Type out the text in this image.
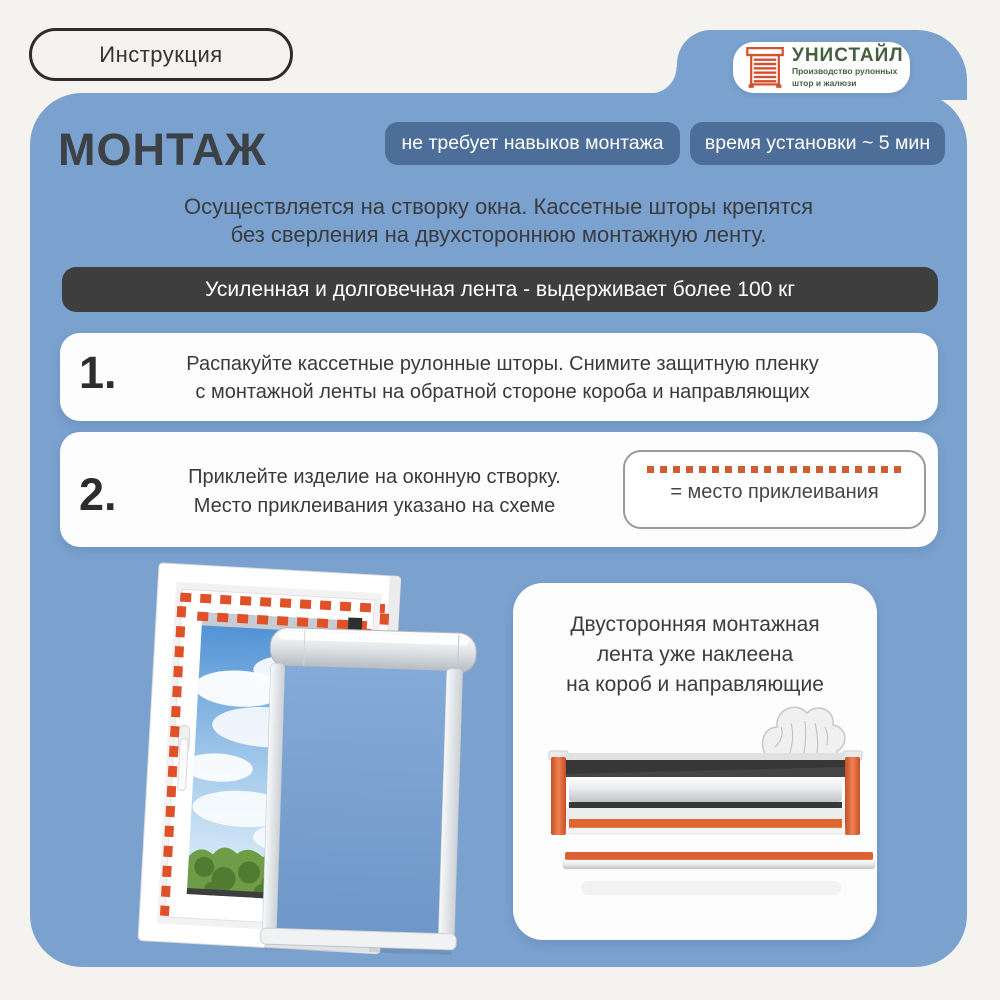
Инструкция	УНИСТАЙЛ
Производство рулонных
штор и жалюзи
МОНТАЖ	не требует навыков монтажа время установки ~ 5 мин
Осуществляется на створку окна. Кассетные шторы крепятся
без сверления на двухстороннюю монтажную ленту.
Усиленная и долговечная лента - выдерживает более 100 кг
1.	Распакуйте кассетные рулонные шторы. Снимите защитную пленку
с монтажной ленты на обратной стороне короба и направляющих
2.	Приклейте изделие на оконную створку.
Место приклеивания указано на схеме
= место приклеивания
Двусторонняя монтажная
лента уже наклеена
на короб и направляющие
